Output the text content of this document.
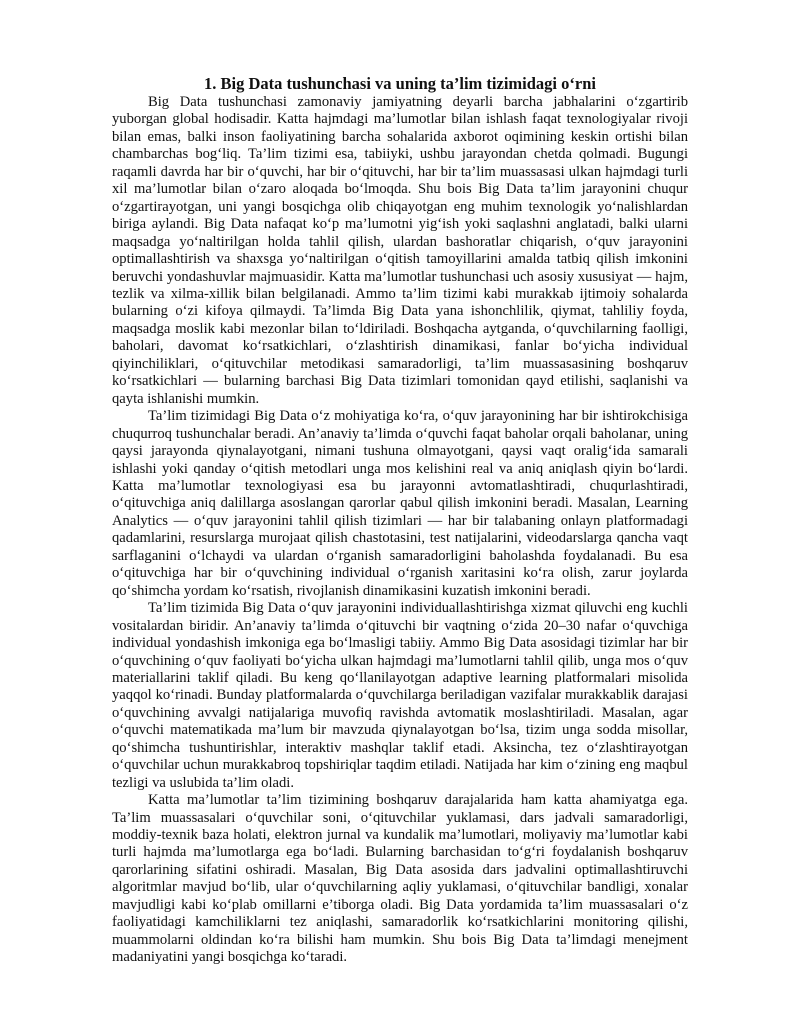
1. Big Data tushunchasi va uning ta’lim tizimidagi o‘rni

Big Data tushunchasi zamonaviy jamiyatning deyarli barcha jabhalarini o‘zgartirib yuborgan global hodisadir. Katta hajmdagi ma’lumotlar bilan ishlash faqat texnologiyalar rivoji bilan emas, balki inson faoliyatining barcha sohalarida axborot oqimining keskin ortishi bilan chambarchas bog‘liq. Ta’lim tizimi esa, tabiiyki, ushbu jarayondan chetda qolmadi. Bugungi raqamli davrda har bir o‘quvchi, har bir o‘qituvchi, har bir ta’lim muassasasi ulkan hajmdagi turli xil ma’lumotlar bilan o‘zaro aloqada bo‘lmoqda. Shu bois Big Data ta’lim jarayonini chuqur o‘zgartirayotgan, uni yangi bosqichga olib chiqayotgan eng muhim texnologik yo‘nalishlardan biriga aylandi. Big Data nafaqat ko‘p ma’lumotni yig‘ish yoki saqlashni anglatadi, balki ularni maqsadga yo‘naltirilgan holda tahlil qilish, ulardan bashoratlar chiqarish, o‘quv jarayonini optimallashtirish va shaxsga yo‘naltirilgan o‘qitish tamoyillarini amalda tatbiq qilish imkonini beruvchi yondashuvlar majmuasidir. Katta ma’lumotlar tushunchasi uch asosiy xususiyat — hajm, tezlik va xilma-xillik bilan belgilanadi. Ammo ta’lim tizimi kabi murakkab ijtimoiy sohalarda bularning o‘zi kifoya qilmaydi. Ta’limda Big Data yana ishonchlilik, qiymat, tahliliy foyda, maqsadga moslik kabi mezonlar bilan to‘ldiriladi. Boshqacha aytganda, o‘quvchilarning faolligi, baholari, davomat ko‘rsatkichlari, o‘zlashtirish dinamikasi, fanlar bo‘yicha individual qiyinchiliklari, o‘qituvchilar metodikasi samaradorligi, ta’lim muassasasining boshqaruv ko‘rsatkichlari — bularning barchasi Big Data tizimlari tomonidan qayd etilishi, saqlanishi va qayta ishlanishi mumkin.

Ta’lim tizimidagi Big Data o‘z mohiyatiga ko‘ra, o‘quv jarayonining har bir ishtirokchisiga chuqurroq tushunchalar beradi. An’anaviy ta’limda o‘quvchi faqat baholar orqali baholanar, uning qaysi jarayonda qiynalayotgani, nimani tushuna olmayotgani, qaysi vaqt oralig‘ida samarali ishlashi yoki qanday o‘qitish metodlari unga mos kelishini real va aniq aniqlash qiyin bo‘lardi. Katta ma’lumotlar texnologiyasi esa bu jarayonni avtomatlashtiradi, chuqurlashtiradi, o‘qituvchiga aniq dalillarga asoslangan qarorlar qabul qilish imkonini beradi. Masalan, Learning Analytics — o‘quv jarayonini tahlil qilish tizimlari — har bir talabaning onlayn platformadagi qadamlarini, resurslarga murojaat qilish chastotasini, test natijalarini, videodarslarga qancha vaqt sarflaganini o‘lchaydi va ulardan o‘rganish samaradorligini baholashda foydalanadi. Bu esa o‘qituvchiga har bir o‘quvchining individual o‘rganish xaritasini ko‘ra olish, zarur joylarda qo‘shimcha yordam ko‘rsatish, rivojlanish dinamikasini kuzatish imkonini beradi.

Ta’lim tizimida Big Data o‘quv jarayonini individuallashtirishga xizmat qiluvchi eng kuchli vositalardan biridir. An’anaviy ta’limda o‘qituvchi bir vaqtning o‘zida 20–30 nafar o‘quvchiga individual yondashish imkoniga ega bo‘lmasligi tabiiy. Ammo Big Data asosidagi tizimlar har bir o‘quvchining o‘quv faoliyati bo‘yicha ulkan hajmdagi ma’lumotlarni tahlil qilib, unga mos o‘quv materiallarini taklif qiladi. Bu keng qo‘llanilayotgan adaptive learning platformalari misolida yaqqol ko‘rinadi. Bunday platformalarda o‘quvchilarga beriladigan vazifalar murakkablik darajasi o‘quvchining avvalgi natijalariga muvofiq ravishda avtomatik moslashtiriladi. Masalan, agar o‘quvchi matematikada ma’lum bir mavzuda qiynalayotgan bo‘lsa, tizim unga sodda misollar, qo‘shimcha tushuntirishlar, interaktiv mashqlar taklif etadi. Aksincha, tez o‘zlashtirayotgan o‘quvchilar uchun murakkabroq topshiriqlar taqdim etiladi. Natijada har kim o‘zining eng maqbul tezligi va uslubida ta’lim oladi.

Katta ma’lumotlar ta’lim tizimining boshqaruv darajalarida ham katta ahamiyatga ega. Ta’lim muassasalari o‘quvchilar soni, o‘qituvchilar yuklamasi, dars jadvali samaradorligi, moddiy-texnik baza holati, elektron jurnal va kundalik ma’lumotlari, moliyaviy ma’lumotlar kabi turli hajmda ma’lumotlarga ega bo‘ladi. Bularning barchasidan to‘g‘ri foydalanish boshqaruv qarorlarining sifatini oshiradi. Masalan, Big Data asosida dars jadvalini optimallashtiruvchi algoritmlar mavjud bo‘lib, ular o‘quvchilarning aqliy yuklamasi, o‘qituvchilar bandligi, xonalar mavjudligi kabi ko‘plab omillarni e’tiborga oladi. Big Data yordamida ta’lim muassasalari o‘z faoliyatidagi kamchiliklarni tez aniqlashi, samaradorlik ko‘rsatkichlarini monitoring qilishi, muammolarni oldindan ko‘ra bilishi ham mumkin. Shu bois Big Data ta’limdagi menejment madaniyatini yangi bosqichga ko‘taradi.
